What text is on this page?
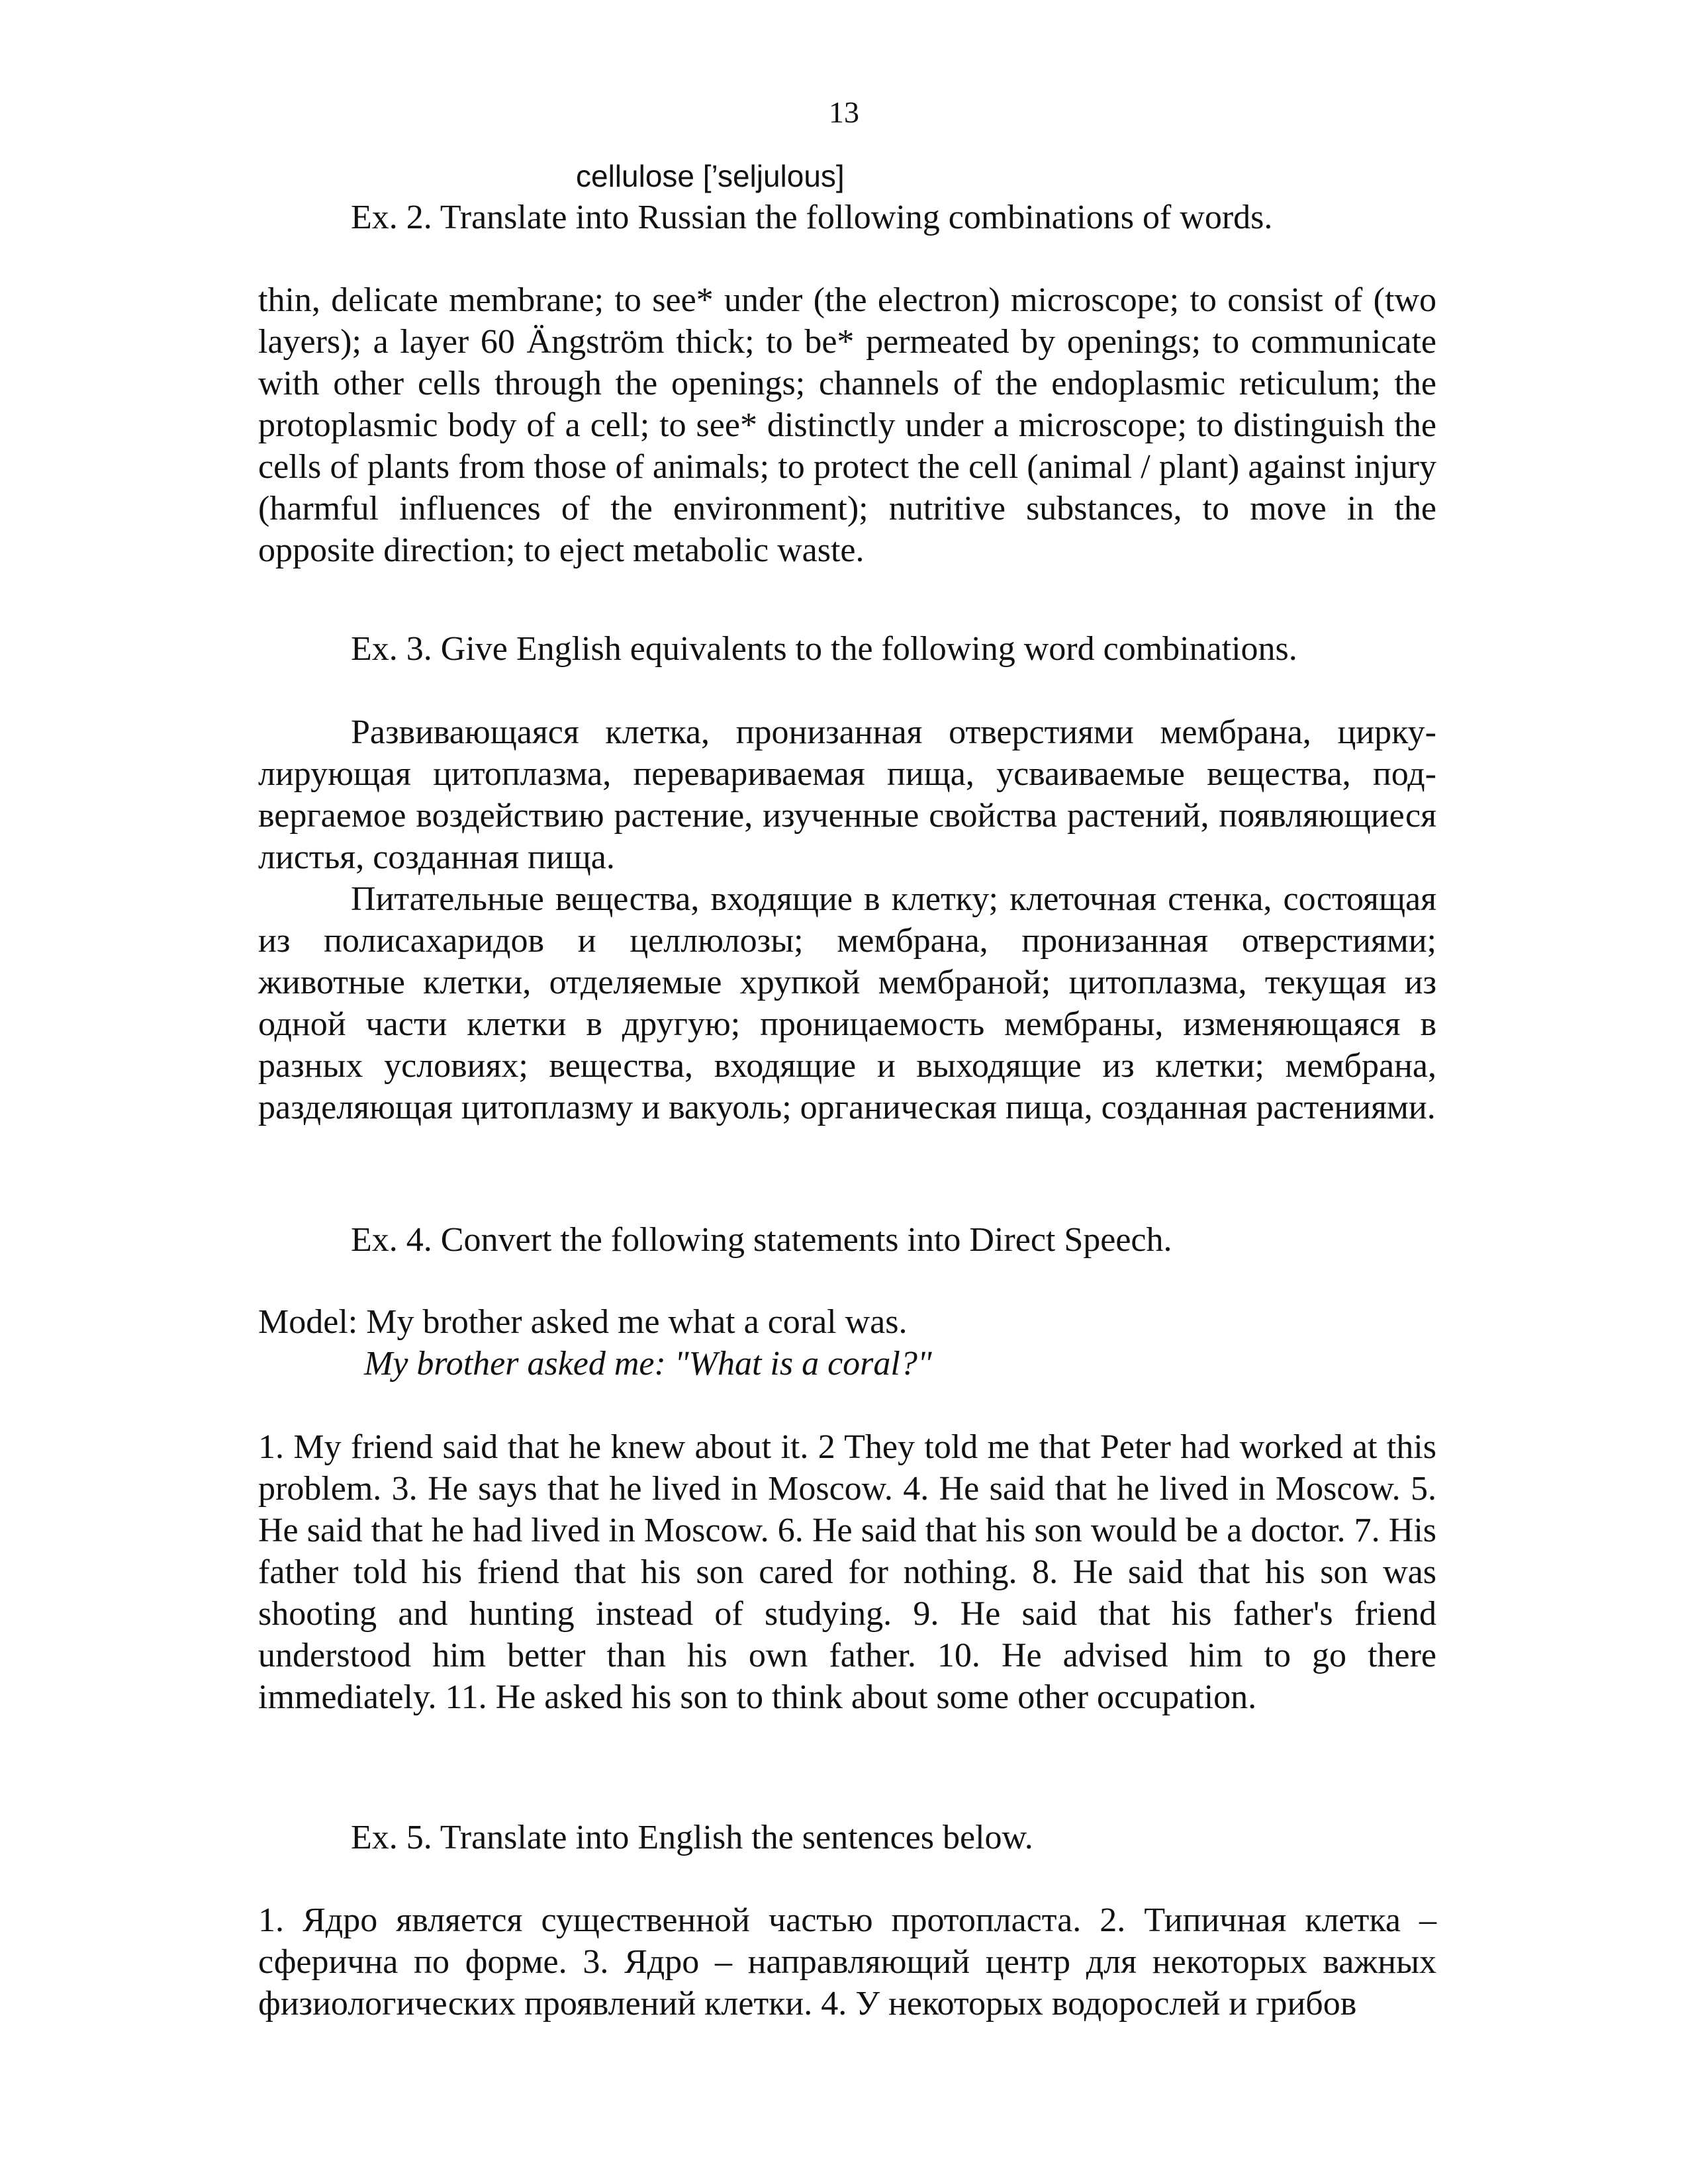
13
cellulose [’seljulous]
Ex. 2. Translate into Russian the following combinations of words.
thin, delicate membrane; to see* under (the electron) microscope; to consist of (two layers); a layer 60 Ängström thick; to be* permeated by openings; to communicate with other cells through the openings; channels of the endoplasmic reticulum; the protoplasmic body of a cell; to see* distinctly under a microscope; to distinguish the cells of plants from those of animals; to protect the cell (animal / plant) against injury (harmful influences of the environment); nutritive substances, to move in the opposite direction; to eject metabolic waste.
Ex. 3. Give English equivalents to the following word combinations.

Развивающаяся клетка, пронизанная отверстиями мембрана, циркулирующая цитоплазма, перевариваемая пища, усваиваемые вещества, подвергаемое воздействию растение, изученные свойства растений, появляющиеся листья, созданная пища.

Питательные вещества, входящие в клетку; клеточная стенка, состоящая из полисахаридов и целлюлозы; мембрана, пронизанная отверстиями; животные клетки, отделяемые хрупкой мембраной; цитоплазма, текущая из одной части клетки в другую; проницаемость мембраны, изменяющаяся в разных условиях; вещества, входящие и выходящие из клетки; мембрана, разделяющая цитоплазму и вакуоль; органическая пища, созданная растениями.

Ex. 4. Convert the following statements into Direct Speech.
Model: My brother asked me what a coral was.
My brother asked me: "What is a coral?"
1. My friend said that he knew about it. 2 They told me that Peter had worked at this problem. 3. He says that he lived in Moscow. 4. He said that he lived in Moscow. 5. He said that he had lived in Moscow. 6. He said that his son would be a doctor. 7. His father told his friend that his son cared for nothing. 8. He said that his son was shooting and hunting instead of studying. 9. He said that his father's friend understood him better than his own father. 10. He advised him to go there immediately. 11. He asked his son to think about some other occupation.
Ex. 5. Translate into English the sentences below.
1. Ядро является существенной частью протопласта. 2. Типичная клетка – сферична по форме. 3. Ядро – направляющий центр для некоторых важных физиологических проявлений клетки. 4. У некоторых водорослей и грибов
